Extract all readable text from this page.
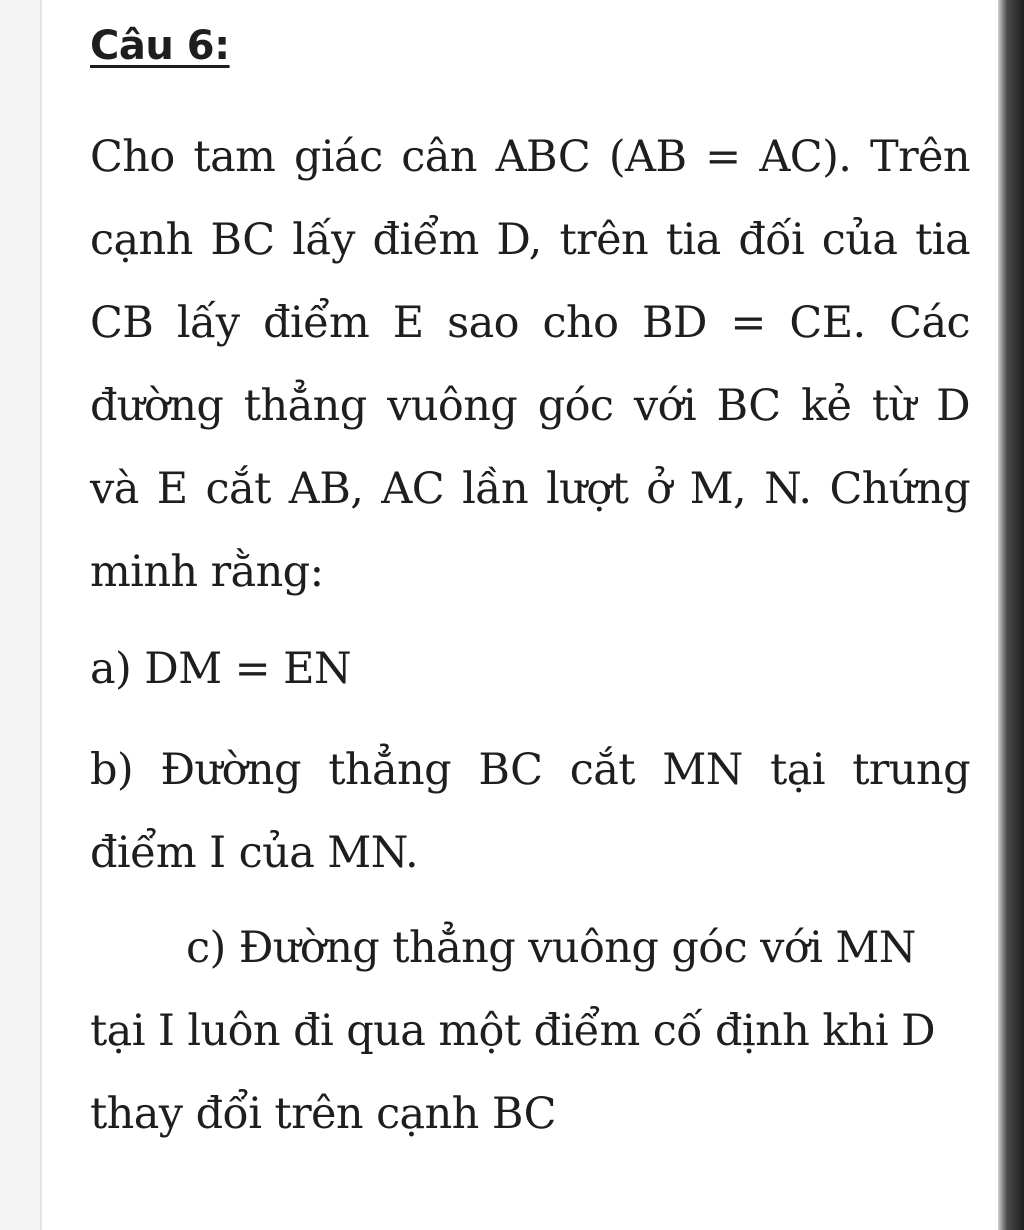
Câu 6:

Cho tam giác cân ABC (AB = AC). Trên cạnh BC lấy điểm D, trên tia đối của tia CB lấy điểm E sao cho BD = CE. Các đường thẳng vuông góc với BC kẻ từ D và E cắt AB, AC lần lượt ở M, N. Chứng minh rằng:

a) DM = EN

b) Đường thẳng BC cắt MN tại trung điểm I của MN.

c) Đường thẳng vuông góc với MN tại I luôn đi qua một điểm cố định khi D thay đổi trên cạnh BC
